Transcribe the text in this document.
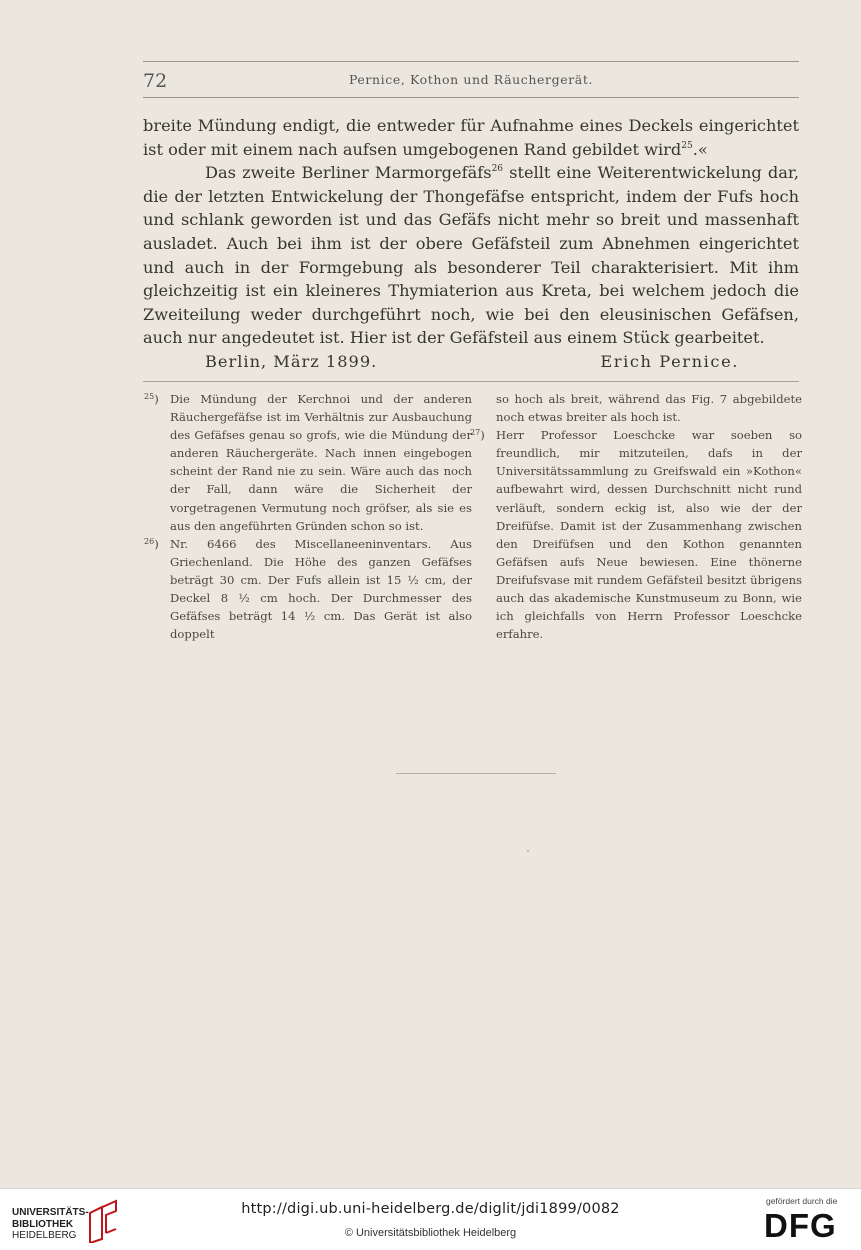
72	Pernice, Kothon und Räuchergerät.

breite Mündung endigt, die entweder für Aufnahme eines Deckels eingerichtet ist oder mit einem nach aufsen umgebogenen Rand gebildet wird$^{25}$.«

Das zweite Berliner Marmorgefäfs$^{26}$ stellt eine Weiterentwickelung dar, die der letzten Entwickelung der Thongefäfse entspricht, indem der Fufs hoch und schlank geworden ist und das Gefäfs nicht mehr so breit und massenhaft ausladet. Auch bei ihm ist der obere Gefäfsteil zum Abnehmen eingerichtet und auch in der Formgebung als besonderer Teil charakterisiert. Mit ihm gleichzeitig ist ein kleineres Thymiaterion aus Kreta, bei welchem jedoch die Zweiteilung weder durchgeführt noch, wie bei den eleusinischen Gefäfsen, auch nur angedeutet ist. Hier ist der Gefäfsteil aus einem Stück gearbeitet.

Berlin, März 1899.	Erich Pernice.
$^{25}$) Die Mündung der Kerchnoi und der anderen Räuchergefäfse ist im Verhältnis zur Ausbauchung des Gefäfses genau so grofs, wie die Mündung der anderen Räuchergeräte. Nach innen eingebogen scheint der Rand nie zu sein. Wäre auch das noch der Fall, dann wäre die Sicherheit der vorgetragenen Vermutung noch gröfser, als sie es aus den angeführten Gründen schon so ist.

$^{26}$) Nr. 6466 des Miscellaneeninventars. Aus Griechenland. Die Höhe des ganzen Gefäfses beträgt 30 cm. Der Fufs allein ist 15 ½ cm, der Deckel 8 ½ cm hoch. Der Durchmesser des Gefäfses beträgt 14 ½ cm. Das Gerät ist also doppelt

so hoch als breit, während das Fig. 7 abgebildete noch etwas breiter als hoch ist.

$^{27}$) Herr Professor Loeschcke war soeben so freundlich, mir mitzuteilen, dafs in der Universitätssammlung zu Greifswald ein »Kothon« aufbewahrt wird, dessen Durchschnitt nicht rund verläuft, sondern eckig ist, also wie der der Dreifüfse. Damit ist der Zusammenhang zwischen den Dreifüfsen und den Kothon genannten Gefäfsen aufs Neue bewiesen. Eine thönerne Dreifufsvase mit rundem Gefäfsteil besitzt übrigens auch das akademische Kunstmuseum zu Bonn, wie ich gleichfalls von Herrn Professor Loeschcke erfahre.

UNIVERSITÄTS-
BIBLIOTHEK
HEIDELBERG
http://digi.ub.uni-heidelberg.de/diglit/jdi1899/0082
© Universitätsbibliothek Heidelberg
gefördert durch die
DFG
